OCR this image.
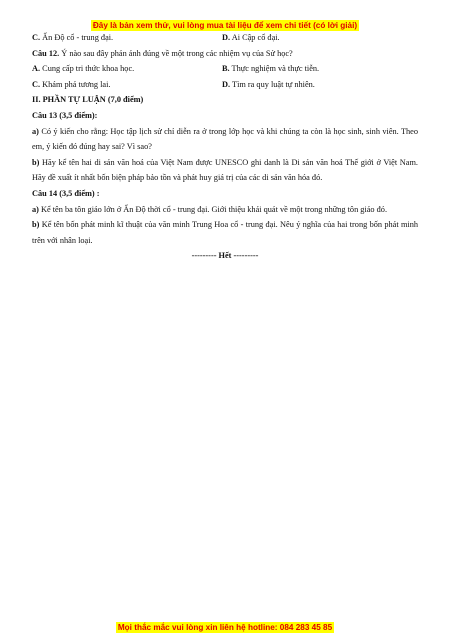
Đây là bản xem thử, vui lòng mua tài liệu để xem chi tiết (có lời giải)
C. Ấn Độ cổ - trung đại.	D. Ai Cập cổ đại.

Câu 12. Ý nào sau đây phản ánh đúng về một trong các nhiệm vụ của Sử học?

A. Cung cấp tri thức khoa học.	B. Thực nghiệm và thực tiễn.
C. Khám phá tương lai.	D. Tìm ra quy luật tự nhiên.

II. PHẦN TỰ LUẬN (7,0 điểm)

Câu 13 (3,5 điểm):

a) Có ý kiến cho rằng: Học tập lịch sử chỉ diễn ra ở trong lớp học và khi chúng ta còn là học sinh, sinh viên. Theo em, ý kiến đó đúng hay sai? Vì sao?

b) Hãy kể tên hai di sản văn hoá của Việt Nam được UNESCO ghi danh là Di sản văn hoá Thế giới ở Việt Nam. Hãy đề xuất ít nhất bốn biện pháp bảo tồn và phát huy giá trị của các di sản văn hóa đó.

Câu 14 (3,5 điểm) :

a) Kể tên ba tôn giáo lớn ở Ấn Độ thời cổ - trung đại. Giới thiệu khái quát về một trong những tôn giáo đó.

b) Kể tên bốn phát minh kĩ thuật của văn minh Trung Hoa cổ - trung đại. Nêu ý nghĩa của hai trong bốn phát minh trên với nhân loại.

--------- Hết ---------

Mọi thắc mắc vui lòng xin liên hệ hotline: 084 283 45 85
